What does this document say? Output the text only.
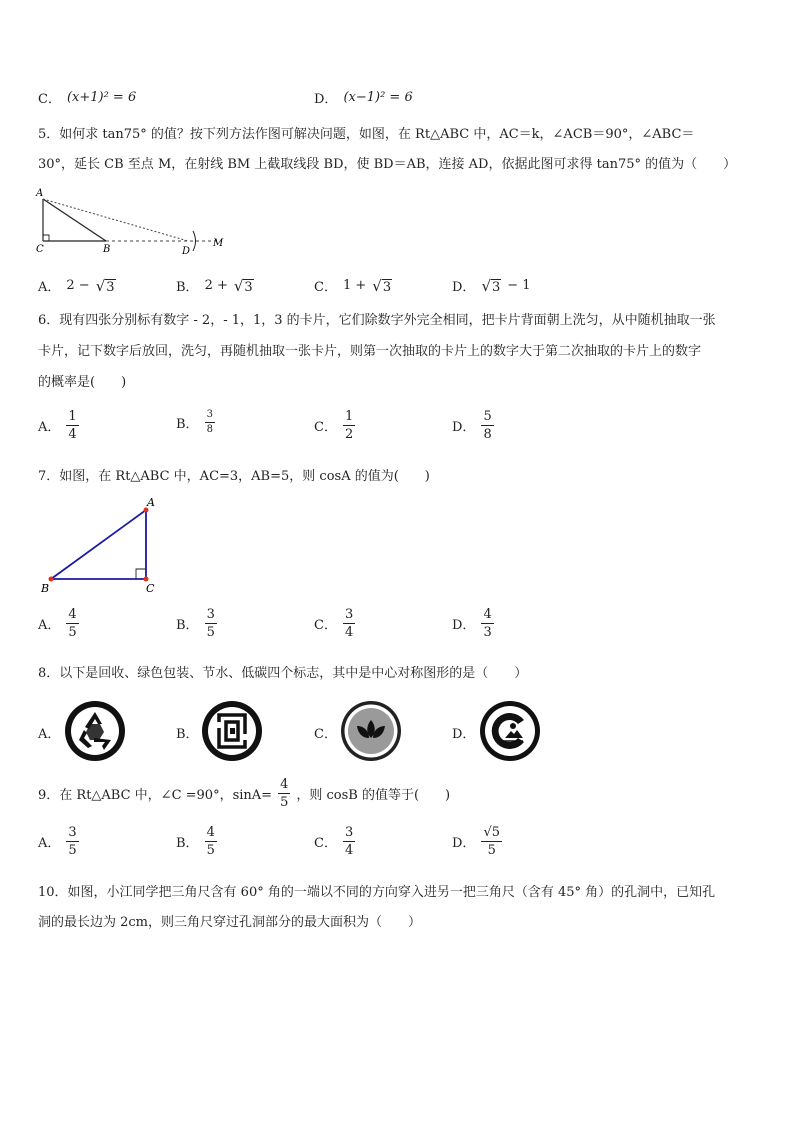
C． (x+1)² = 6	D． (x−1)² = 6
5．如何求 tan75° 的值？按下列方法作图可解决问题，如图，在 Rt△ABC 中，AC＝k，∠ACB＝90°，∠ABC＝
30°，延长 CB 至点 M，在射线 BM 上截取线段 BD，使 BD＝AB，连接 AD，依据此图可求得 tan75° 的值为（　　）
A
C	B	D
M
A． 2 − √ 3	B． 2 + √ 3	C． 1 + √ 3	D． √ 3 − 1
6．现有四张分别标有数字 - 2，- 1，1，3 的卡片，它们除数字外完全相同，把卡片背面朝上洗匀，从中随机抽取一张
卡片，记下数字后放回，洗匀，再随机抽取一张卡片，则第一次抽取的卡片上的数字大于第二次抽取的卡片上的数字
的概率是(　　)
A． $\frac{1}{4}$	B． $\frac{3}{8}$	C． $\frac{1}{2}$	D． $\frac{5}{8}$
7．如图，在 Rt△ABC 中，AC=3，AB=5，则 cosA 的值为(　　)
A
B	C
A． $\frac{4}{5}$	B． $\frac{3}{5}$	C． $\frac{3}{4}$	D． $\frac{4}{3}$
8．以下是回收、绿色包装、节水、低碳四个标志，其中是中心对称图形的是（　　）
A．	B．	C．	D．
9．在 Rt△ABC 中，∠C =90°，$\sin A= \frac{4}{5}$ ，则 cosB 的值等于(　　)
A． $\frac{3}{5}$	B． $\frac{4}{5}$	C． $\frac{3}{4}$	D． $\frac{√5}{5}$
10．如图，小江同学把三角尺含有 60° 角的一端以不同的方向穿入进另一把三角尺（含有 45° 角）的孔洞中，已知孔
洞的最长边为 2cm，则三角尺穿过孔洞部分的最大面积为（　　）
